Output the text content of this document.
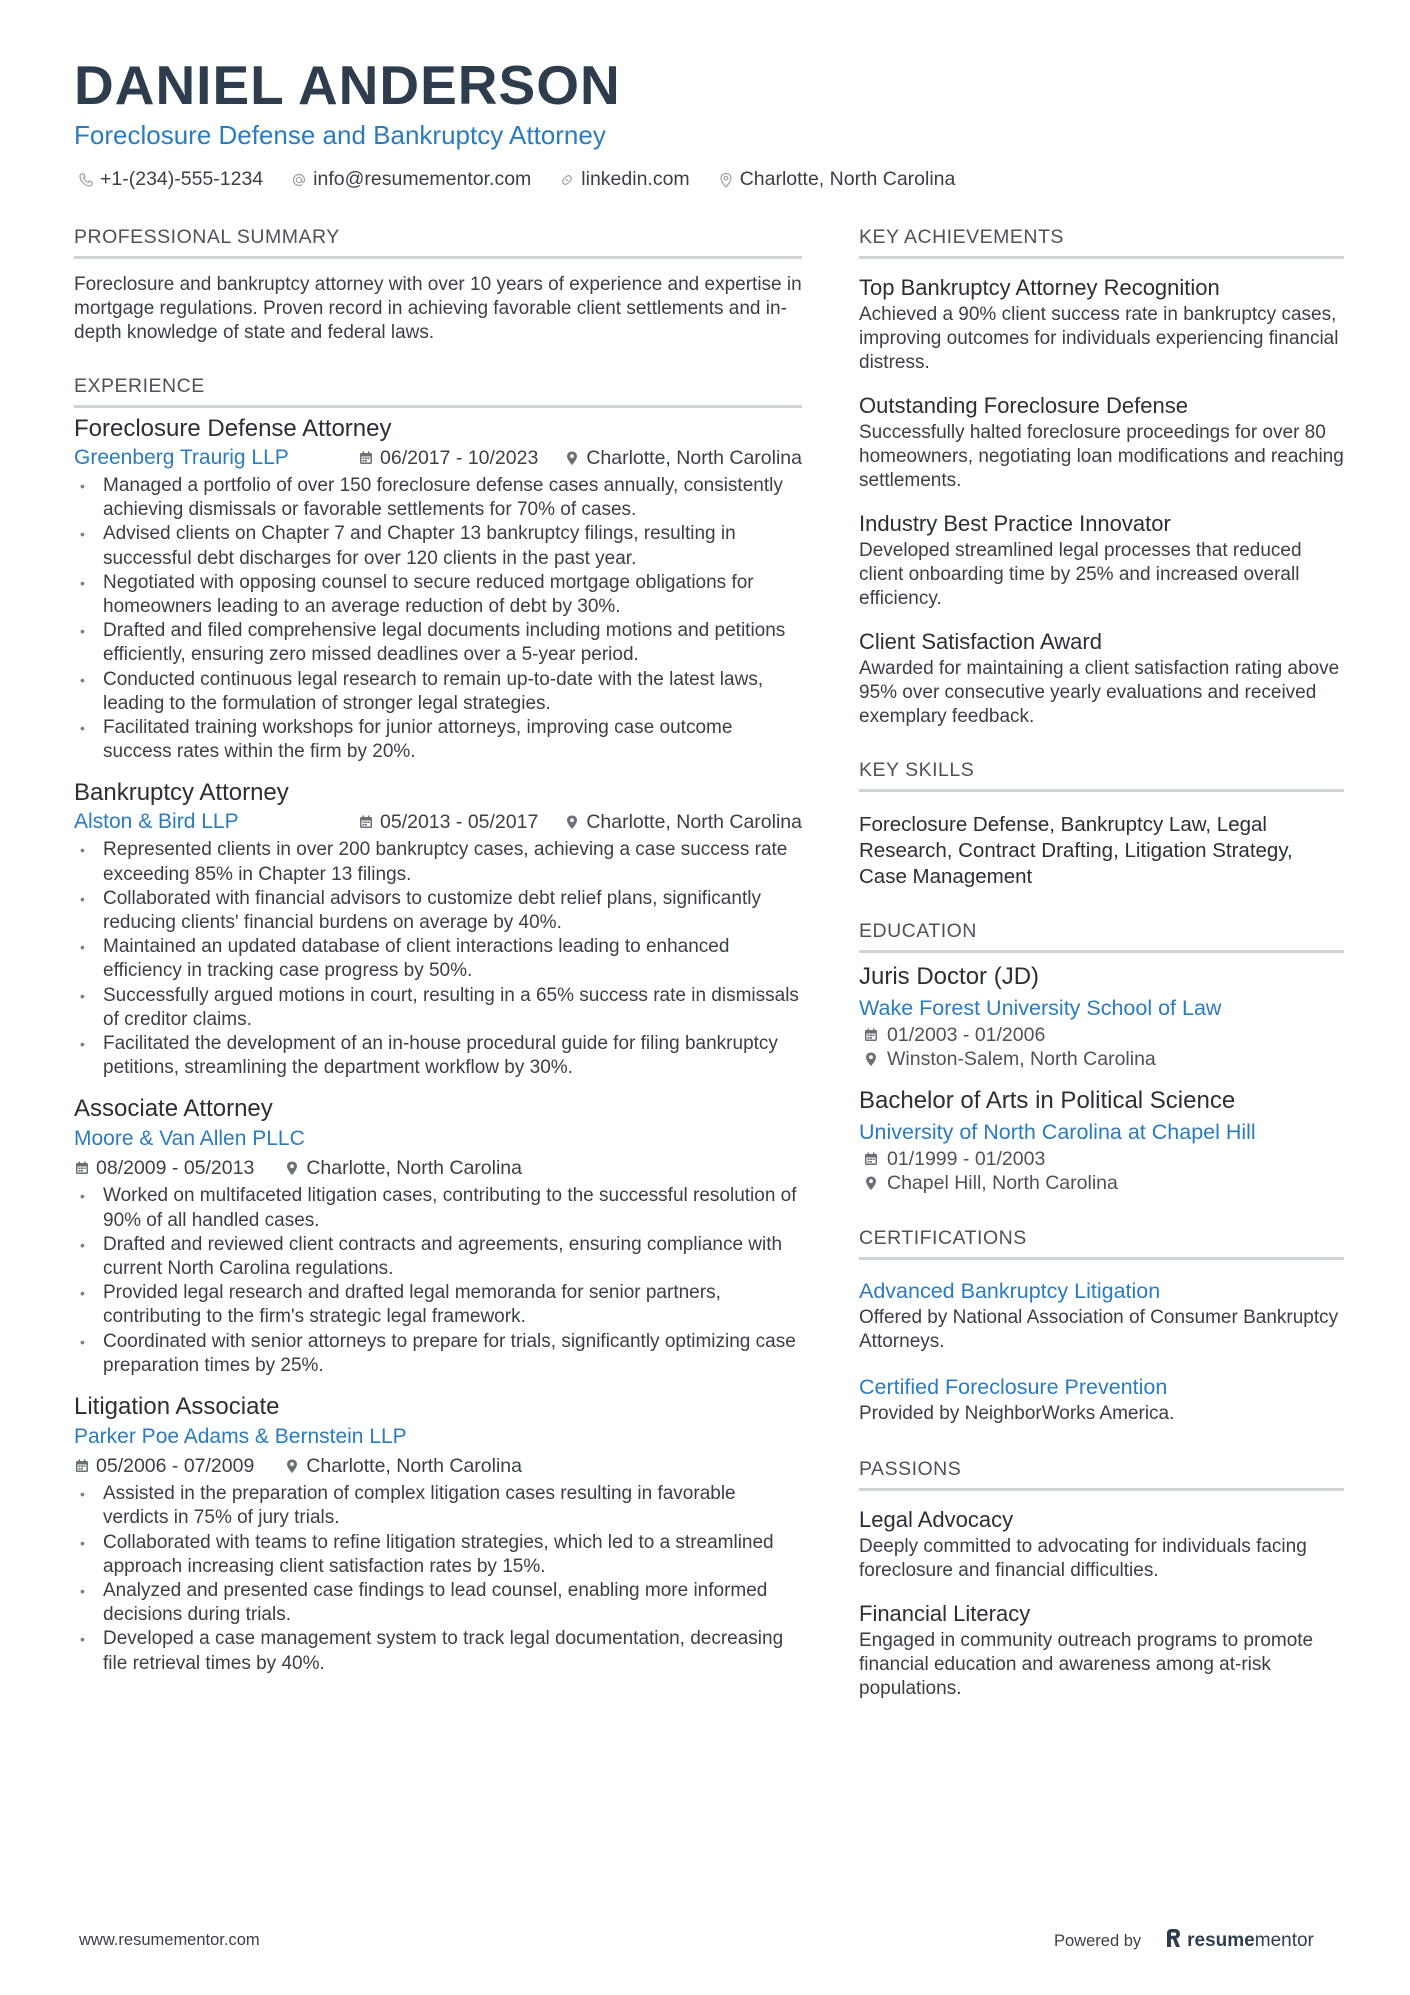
DANIEL ANDERSON
Foreclosure Defense and Bankruptcy Attorney
+1-(234)-555-1234	info@resumementor.com	linkedin.com	Charlotte, North Carolina
PROFESSIONAL SUMMARY

Foreclosure and bankruptcy attorney with over 10 years of experience and expertise in mortgage regulations. Proven record in achieving favorable client settlements and in-depth knowledge of state and federal laws.

EXPERIENCE
Foreclosure Defense Attorney
Greenberg Traurig LLP	06/2017 - 10/2023 Charlotte, North Carolina
• Managed a portfolio of over 150 foreclosure defense cases annually, consistently achieving dismissals or favorable settlements for 70% of cases.
• Advised clients on Chapter 7 and Chapter 13 bankruptcy filings, resulting in successful debt discharges for over 120 clients in the past year.
• Negotiated with opposing counsel to secure reduced mortgage obligations for homeowners leading to an average reduction of debt by 30%.
• Drafted and filed comprehensive legal documents including motions and petitions efficiently, ensuring zero missed deadlines over a 5-year period.
• Conducted continuous legal research to remain up-to-date with the latest laws, leading to the formulation of stronger legal strategies.
• Facilitated training workshops for junior attorneys, improving case outcome success rates within the firm by 20%.
Bankruptcy Attorney
Alston & Bird LLP	05/2013 - 05/2017 Charlotte, North Carolina
• Represented clients in over 200 bankruptcy cases, achieving a case success rate exceeding 85% in Chapter 13 filings.
• Collaborated with financial advisors to customize debt relief plans, significantly reducing clients' financial burdens on average by 40%.
• Maintained an updated database of client interactions leading to enhanced efficiency in tracking case progress by 50%.
• Successfully argued motions in court, resulting in a 65% success rate in dismissals of creditor claims.
• Facilitated the development of an in-house procedural guide for filing bankruptcy petitions, streamlining the department workflow by 30%.
Associate Attorney
Moore & Van Allen PLLC
08/2009 - 05/2013	Charlotte, North Carolina
• Worked on multifaceted litigation cases, contributing to the successful resolution of 90% of all handled cases.
• Drafted and reviewed client contracts and agreements, ensuring compliance with current North Carolina regulations.
• Provided legal research and drafted legal memoranda for senior partners, contributing to the firm's strategic legal framework.
• Coordinated with senior attorneys to prepare for trials, significantly optimizing case preparation times by 25%.
Litigation Associate
Parker Poe Adams & Bernstein LLP
05/2006 - 07/2009	Charlotte, North Carolina
• Assisted in the preparation of complex litigation cases resulting in favorable verdicts in 75% of jury trials.
• Collaborated with teams to refine litigation strategies, which led to a streamlined approach increasing client satisfaction rates by 15%.
• Analyzed and presented case findings to lead counsel, enabling more informed decisions during trials.
• Developed a case management system to track legal documentation, decreasing file retrieval times by 40%.
KEY ACHIEVEMENTS
Top Bankruptcy Attorney Recognition

Achieved a 90% client success rate in bankruptcy cases, improving outcomes for individuals experiencing financial distress.

Outstanding Foreclosure Defense

Successfully halted foreclosure proceedings for over 80 homeowners, negotiating loan modifications and reaching settlements.

Industry Best Practice Innovator

Developed streamlined legal processes that reduced client onboarding time by 25% and increased overall efficiency.

Client Satisfaction Award

Awarded for maintaining a client satisfaction rating above 95% over consecutive yearly evaluations and received exemplary feedback.

KEY SKILLS

Foreclosure Defense, Bankruptcy Law, Legal Research, Contract Drafting, Litigation Strategy, Case Management

EDUCATION
Juris Doctor (JD)
Wake Forest University School of Law
01/2003 - 01/2006
Winston-Salem, North Carolina
Bachelor of Arts in Political Science
University of North Carolina at Chapel Hill
01/1999 - 01/2003
Chapel Hill, North Carolina
CERTIFICATIONS
Advanced Bankruptcy Litigation

Offered by National Association of Consumer Bankruptcy Attorneys.

Certified Foreclosure Prevention

Provided by NeighborWorks America.

PASSIONS
Legal Advocacy

Deeply committed to advocating for individuals facing foreclosure and financial difficulties.

Financial Literacy

Engaged in community outreach programs to promote financial education and awareness among at-risk populations.

www.resumementor.com	Powered by resumementor
